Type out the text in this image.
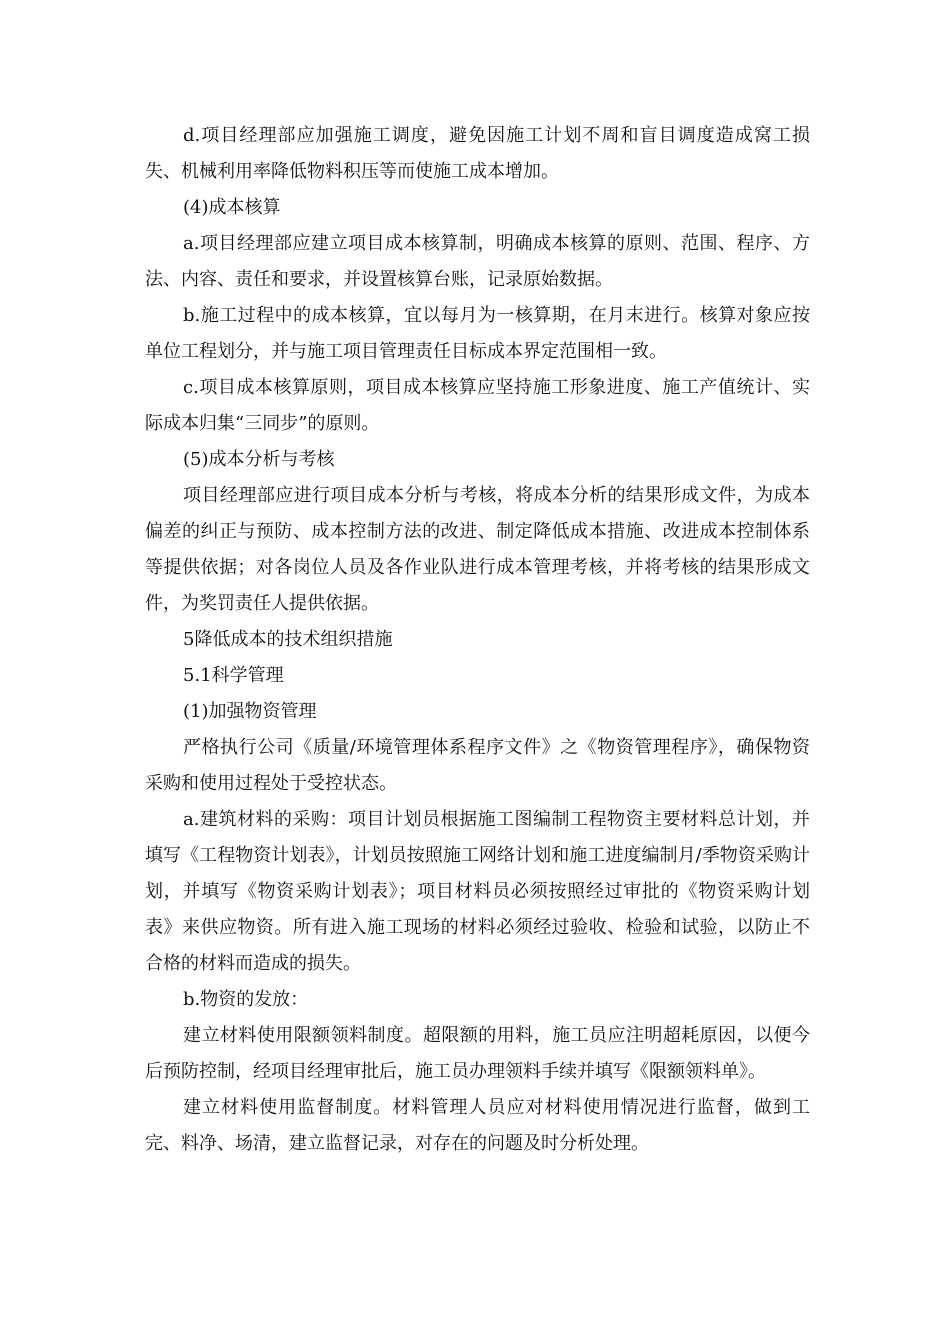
d.项目经理部应加强施工调度，避免因施工计划不周和盲目调度造成窝工损失、机械利用率降低物料积压等而使施工成本增加。

(4)成本核算

a.项目经理部应建立项目成本核算制，明确成本核算的原则、范围、程序、方法、内容、责任和要求，并设置核算台账，记录原始数据。

b.施工过程中的成本核算，宜以每月为一核算期，在月末进行。核算对象应按单位工程划分，并与施工项目管理责任目标成本界定范围相一致。

c.项目成本核算原则，项目成本核算应坚持施工形象进度、施工产值统计、实际成本归集“三同步”的原则。

(5)成本分析与考核

项目经理部应进行项目成本分析与考核，将成本分析的结果形成文件，为成本偏差的纠正与预防、成本控制方法的改进、制定降低成本措施、改进成本控制体系等提供依据；对各岗位人员及各作业队进行成本管理考核，并将考核的结果形成文件，为奖罚责任人提供依据。

5降低成本的技术组织措施

5.1科学管理

(1)加强物资管理

严格执行公司《质量/环境管理体系程序文件》之《物资管理程序》，确保物资采购和使用过程处于受控状态。

a.建筑材料的采购：项目计划员根据施工图编制工程物资主要材料总计划，并填写《工程物资计划表》，计划员按照施工网络计划和施工进度编制月/季物资采购计划，并填写《物资采购计划表》；项目材料员必须按照经过审批的《物资采购计划表》来供应物资。所有进入施工现场的材料必须经过验收、检验和试验，以防止不合格的材料而造成的损失。

b.物资的发放：

建立材料使用限额领料制度。超限额的用料，施工员应注明超耗原因，以便今后预防控制，经项目经理审批后，施工员办理领料手续并填写《限额领料单》。

建立材料使用监督制度。材料管理人员应对材料使用情况进行监督，做到工完、料净、场清，建立监督记录，对存在的问题及时分析处理。
